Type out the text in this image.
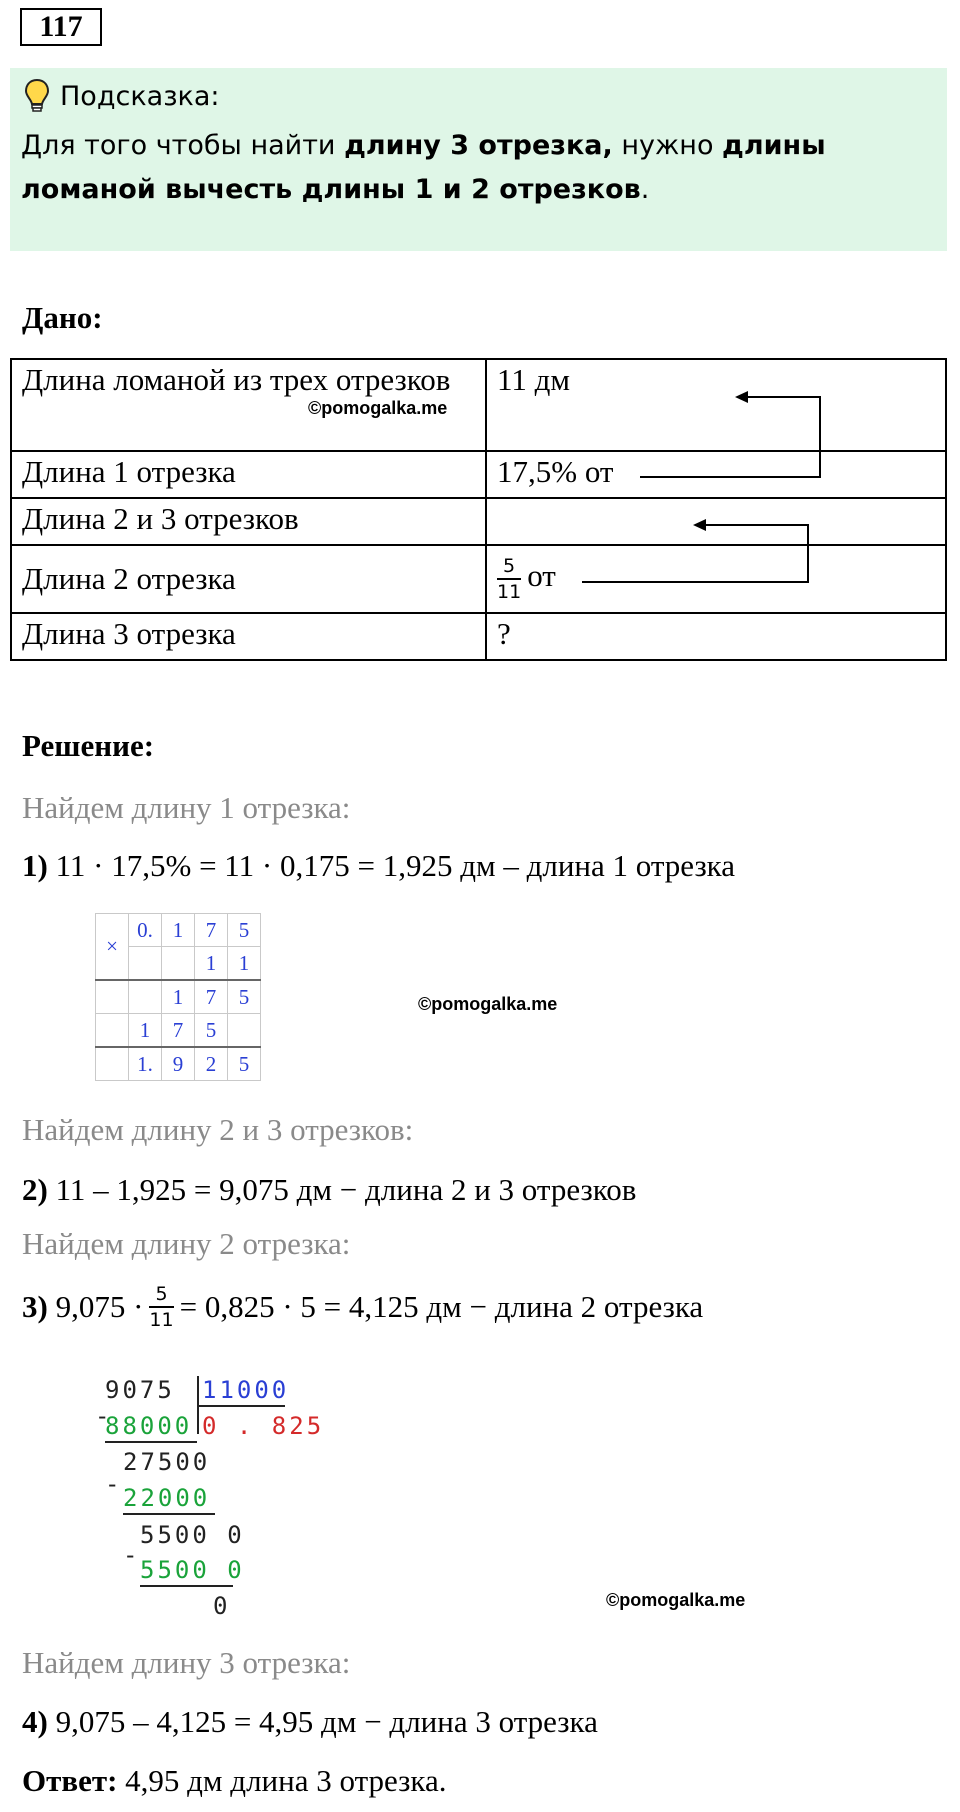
117
Подсказка:
Для того чтобы найти длину 3 отрезка, нужно длины ломаной вычесть длины 1 и 2 отрезков.
Дано:
Длина ломаной из трех отрезков	11 дм
Длина 1 отрезка	17,5% от
Длина 2 и 3 отрезков	
Длина 2 отрезка	$\frac{5}{11}$ от
Длина 3 отрезка	?
©pomogalka.me
Решение:
Найдем длину 1 отрезка:
1) 11 · 17,5% = 11 · 0,175 = 1,925 дм – длина 1 отрезка
×	0.	1	7	5
			1	1
		1	7	5
	1	7	5	
	1.	9	2	5
©pomogalka.me
Найдем длину 2 и 3 отрезков:
2) 11 – 1,925 = 9,075 дм − длина 2 и 3 отрезков
Найдем длину 2 отрезка:
3)
$9,075 \cdot \frac{5}{11} = 0,825 \cdot 5 = 4,125$ дм − длина 2 отрезка
9075 11000
-
88000 0 . 825
27500
- 22000
5500 0
-
5500 0
0	©pomogalka.me
Найдем длину 3 отрезка:
4) 9,075 – 4,125 = 4,95 дм − длина 3 отрезка
Ответ: 4,95 дм длина 3 отрезка.
